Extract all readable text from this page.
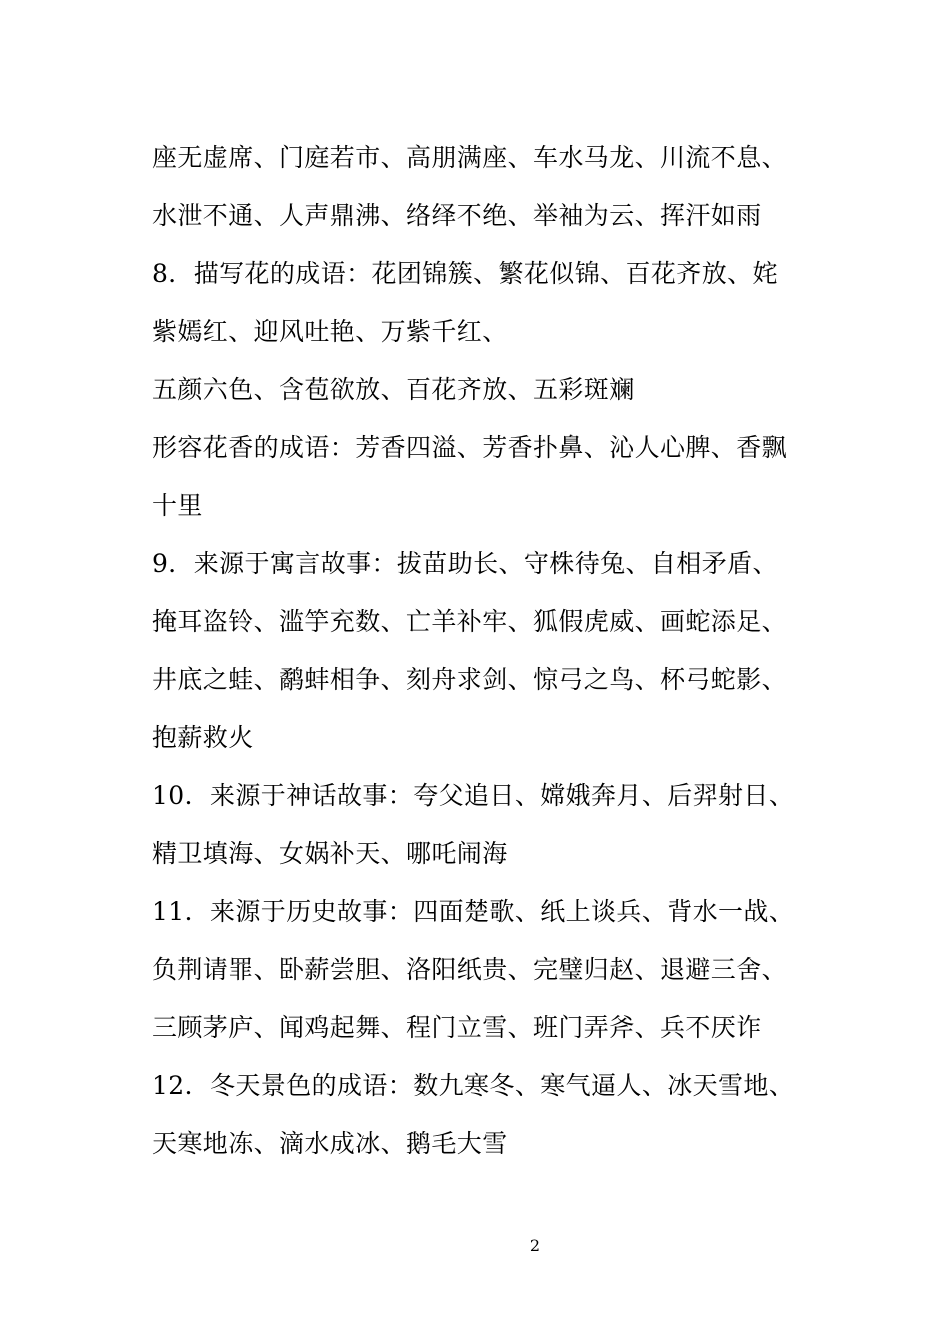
座无虚席、门庭若市、高朋满座、车水马龙、川流不息、
水泄不通、人声鼎沸、络绎不绝、举袖为云、挥汗如雨
8．描写花的成语：花团锦簇、繁花似锦、百花齐放、姹
紫嫣红、迎风吐艳、万紫千红、
五颜六色、含苞欲放、百花齐放、五彩斑斓
形容花香的成语：芳香四溢、芳香扑鼻、沁人心脾、香飘
十里
9．来源于寓言故事：拔苗助长、守株待兔、自相矛盾、
掩耳盗铃、滥竽充数、亡羊补牢、狐假虎威、画蛇添足、
井底之蛙、鹬蚌相争、刻舟求剑、惊弓之鸟、杯弓蛇影、
抱薪救火
10．来源于神话故事：夸父追日、嫦娥奔月、后羿射日、
精卫填海、女娲补天、哪吒闹海
11．来源于历史故事：四面楚歌、纸上谈兵、背水一战、
负荆请罪、卧薪尝胆、洛阳纸贵、完璧归赵、退避三舍、
三顾茅庐、闻鸡起舞、程门立雪、班门弄斧、兵不厌诈
12．冬天景色的成语：数九寒冬、寒气逼人、冰天雪地、
天寒地冻、滴水成冰、鹅毛大雪
2
